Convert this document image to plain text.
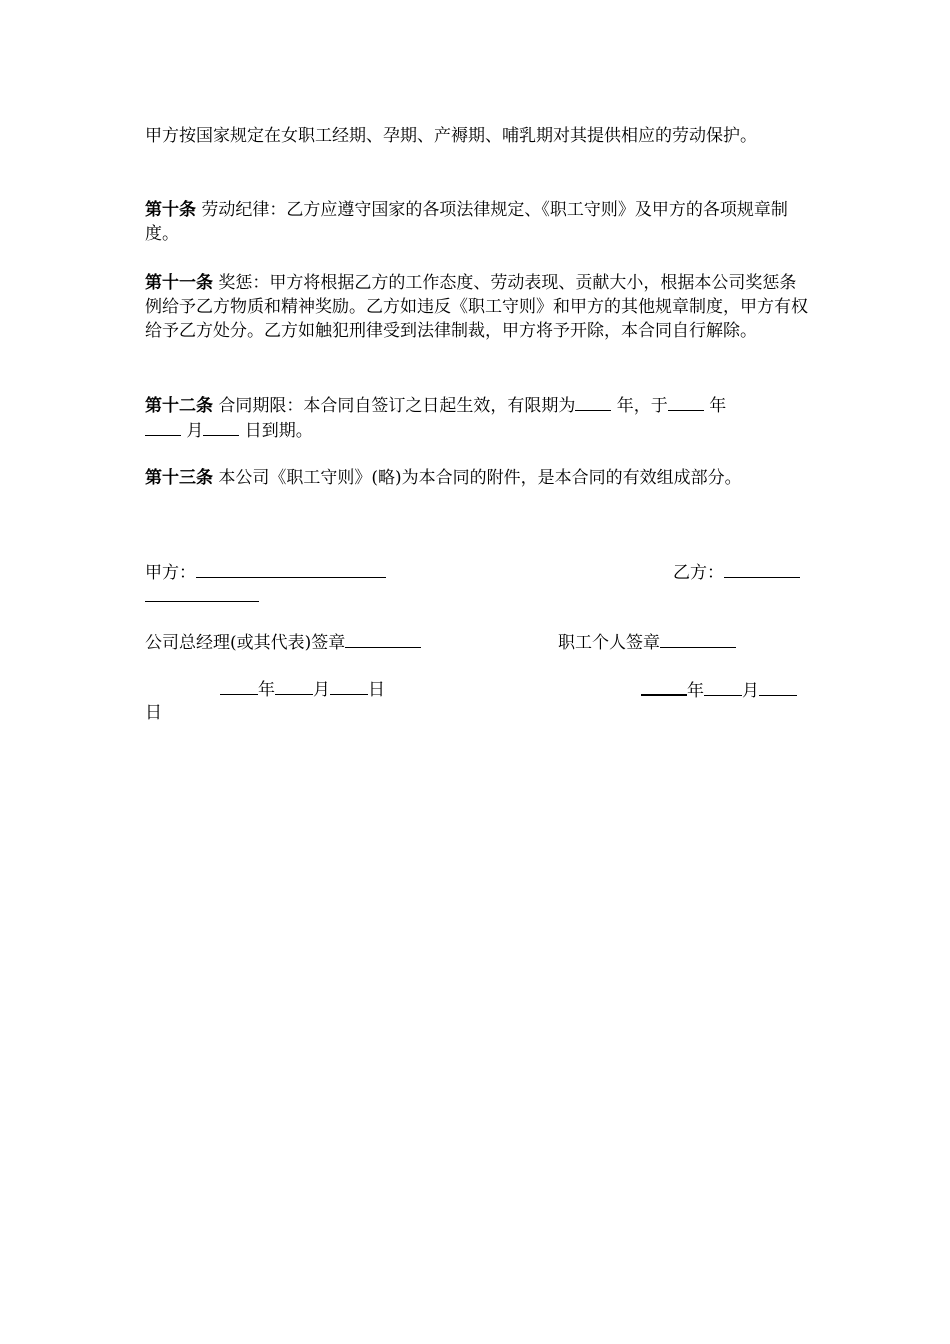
甲方按国家规定在女职工经期、孕期、产褥期、哺乳期对其提供相应的劳动保护。

第十条 劳动纪律：乙方应遵守国家的各项法律规定、《职工守则》及甲方的各项规章制度。

第十一条 奖惩：甲方将根据乙方的工作态度、劳动表现、贡献大小，根据本公司奖惩条例给予乙方物质和精神奖励。乙方如违反《职工守则》和甲方的其他规章制度，甲方有权给予乙方处分。乙方如触犯刑律受到法律制裁，甲方将予开除，本合同自行解除。

第十二条 合同期限：本合同自签订之日起生效，有限期为 年，于 年
月 日到期。

第十三条 本公司《职工守则》(略)为本合同的附件，是本合同的有效组成部分。

甲方：	乙方：
公司总经理(或其代表)签章	职工个人签章
年 月 日	年 月
日
